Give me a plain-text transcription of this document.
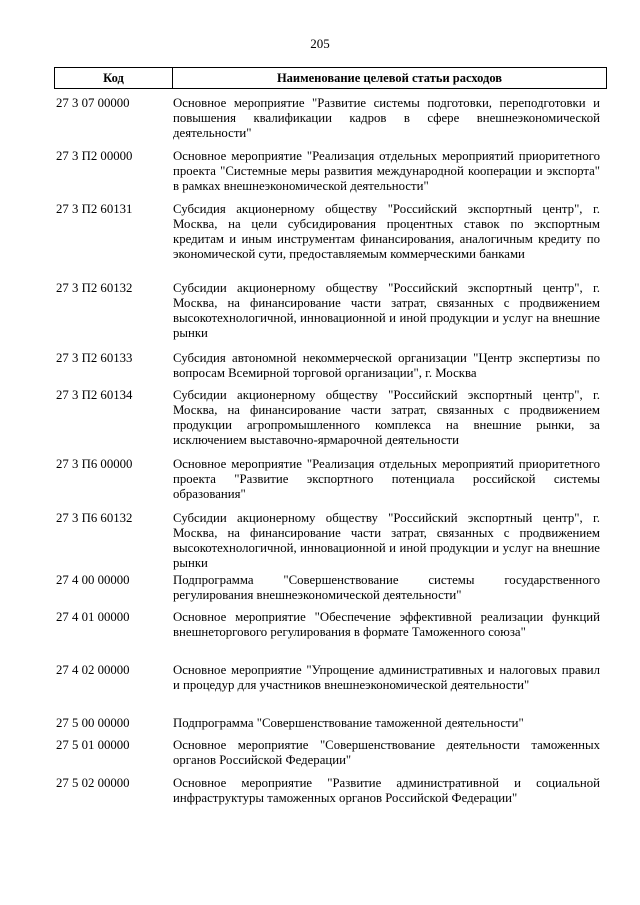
205
Код	Наименование целевой статьи расходов
27 3 07 00000	Основное мероприятие "Развитие системы подготовки, переподготовки и повышения квалификации кадров в сфере внешнеэкономической деятельности"
27 3 П2 00000	Основное мероприятие "Реализация отдельных мероприятий приоритетного проекта "Системные меры развития международной кооперации и экспорта" в рамках внешнеэкономической деятельности"
27 3 П2 60131	Субсидия акционерному обществу "Российский экспортный центр", г. Москва, на цели субсидирования процентных ставок по экспортным кредитам и иным инструментам финансирования, аналогичным кредиту по экономической сути, предоставляемым коммерческими банками
27 3 П2 60132	Субсидии акционерному обществу "Российский экспортный центр", г. Москва, на финансирование части затрат, связанных с продвижением высокотехнологичной, инновационной и иной продукции и услуг на внешние рынки
27 3 П2 60133	Субсидия автономной некоммерческой организации "Центр экспертизы по вопросам Всемирной торговой организации", г. Москва
27 3 П2 60134	Субсидии акционерному обществу "Российский экспортный центр", г. Москва, на финансирование части затрат, связанных с продвижением продукции агропромышленного комплекса на внешние рынки, за исключением выставочно-ярмарочной деятельности
27 3 П6 00000	Основное мероприятие "Реализация отдельных мероприятий приоритетного проекта "Развитие экспортного потенциала российской системы образования"
27 3 П6 60132	Субсидии акционерному обществу "Российский экспортный центр", г. Москва, на финансирование части затрат, связанных с продвижением высокотехнологичной, инновационной и иной продукции и услуг на внешние рынки
27 4 00 00000	Подпрограмма "Совершенствование системы государственного регулирования внешнеэкономической деятельности"
27 4 01 00000	Основное мероприятие "Обеспечение эффективной реализации функций внешнеторгового регулирования в формате Таможенного союза"
27 4 02 00000	Основное мероприятие "Упрощение административных и налоговых правил и процедур для участников внешнеэкономической деятельности"
27 5 00 00000	Подпрограмма "Совершенствование таможенной деятельности"
27 5 01 00000	Основное мероприятие "Совершенствование деятельности таможенных органов Российской Федерации"
27 5 02 00000	Основное мероприятие "Развитие административной и социальной инфраструктуры таможенных органов Российской Федерации"
